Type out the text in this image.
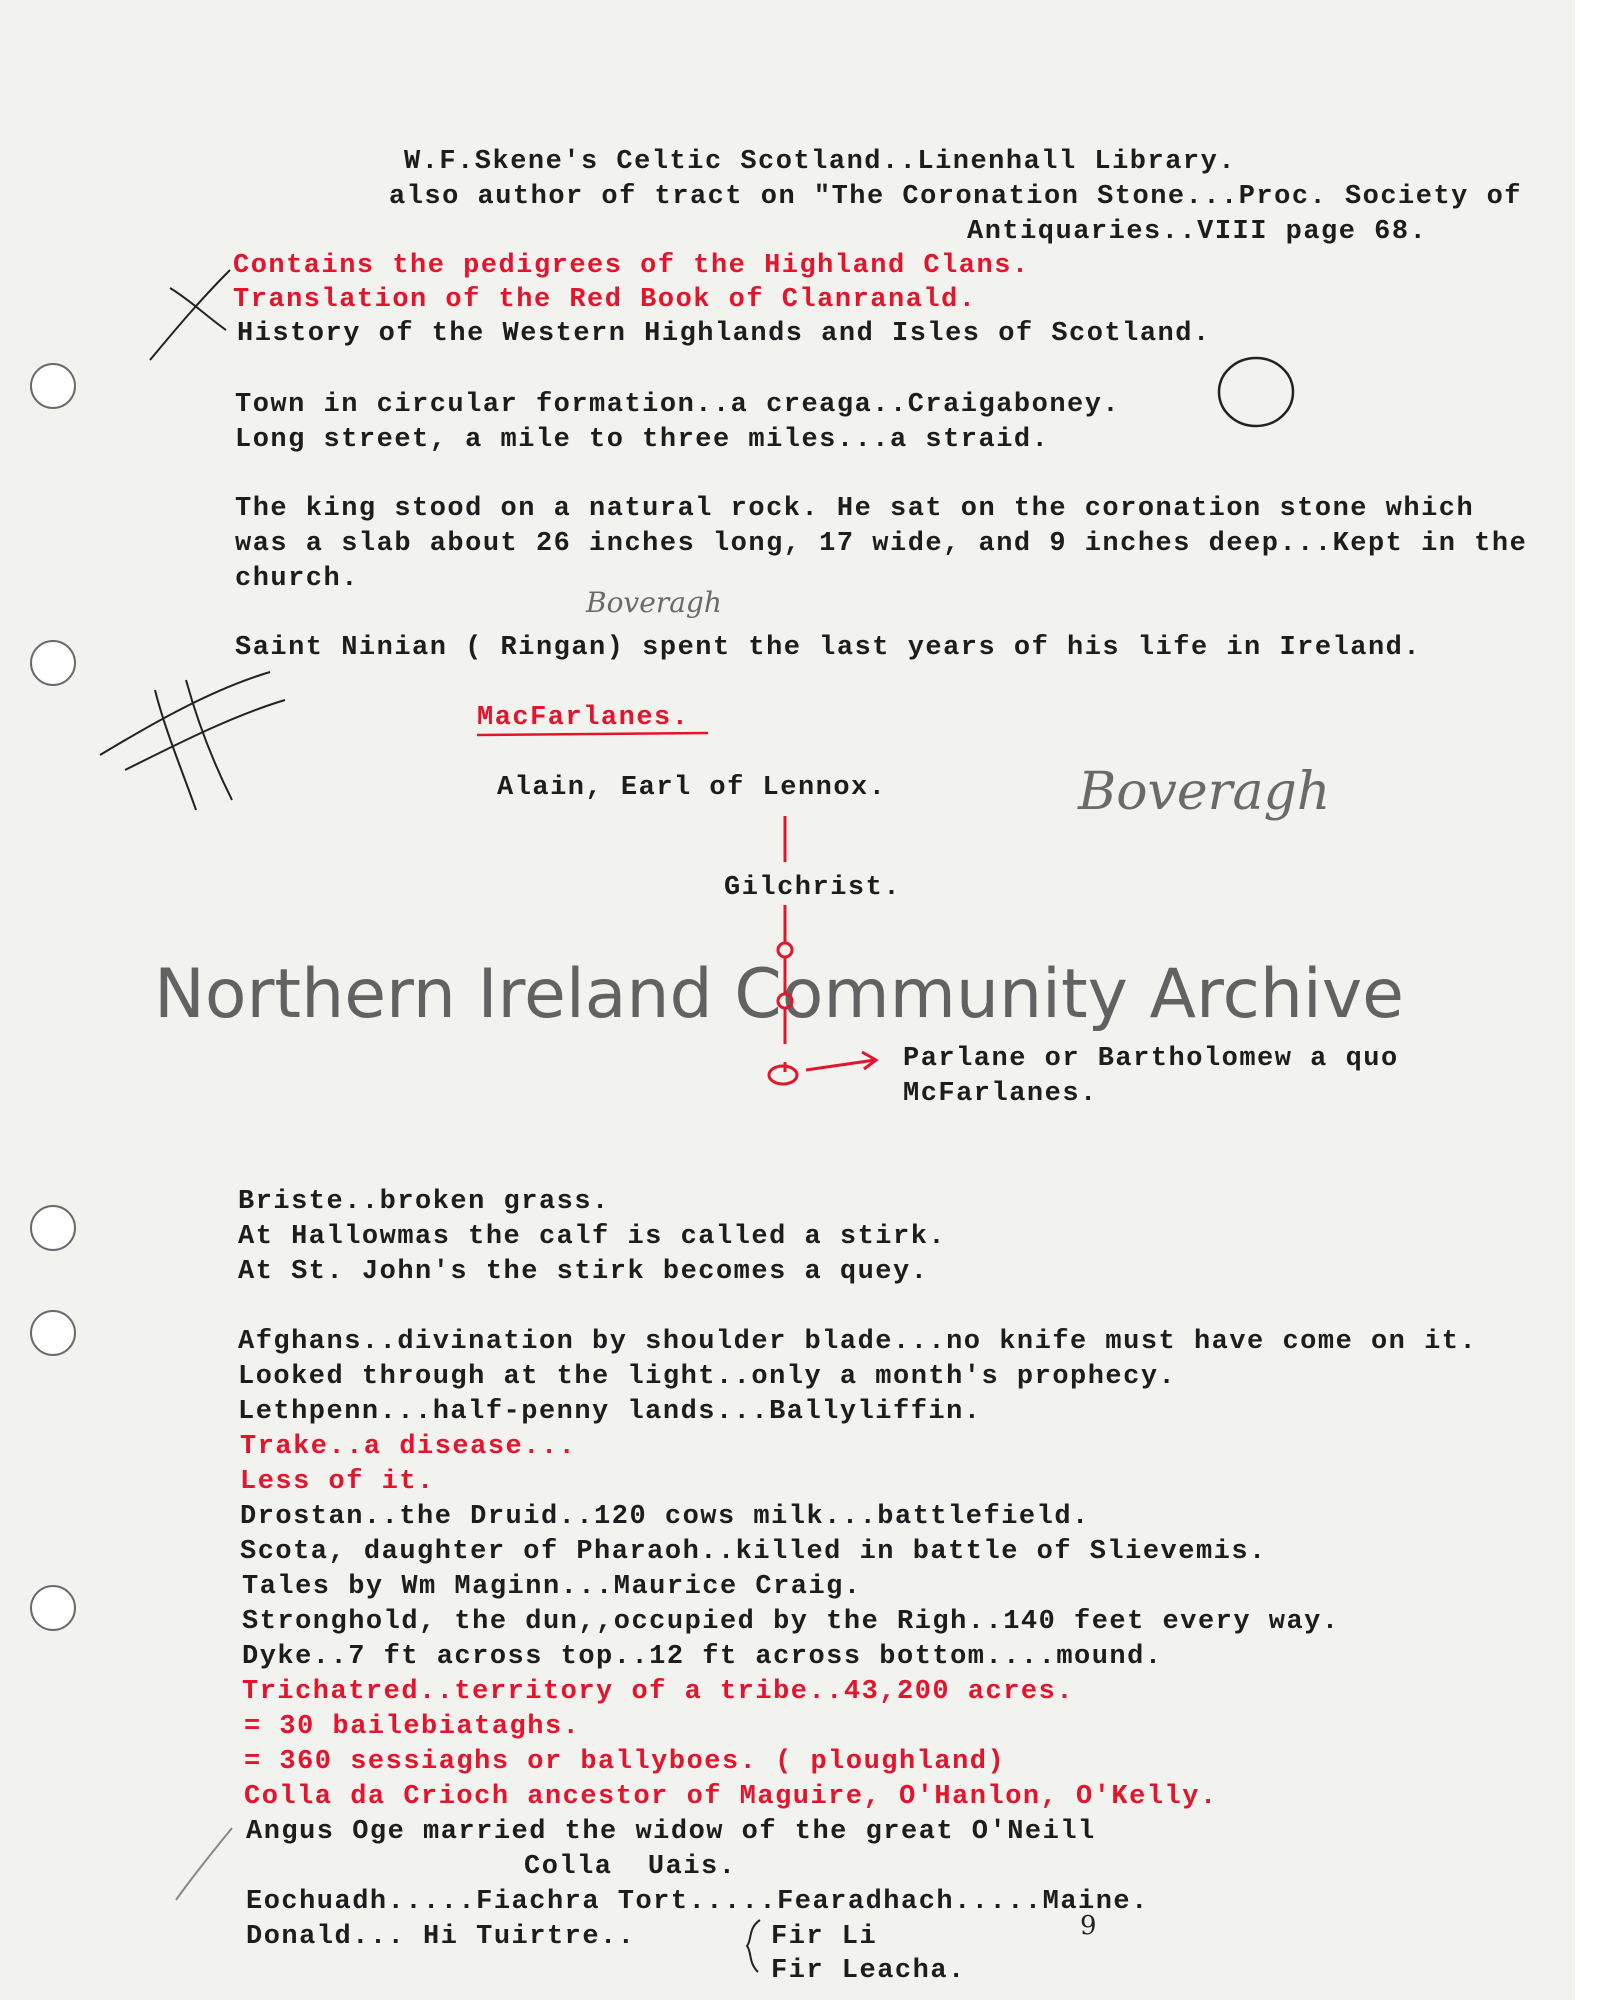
W.F.Skene's Celtic Scotland..Linenhall Library.
also author of tract on "The Coronation Stone...Proc. Society of
Antiquaries..VIII page 68.
Contains the pedigrees of the Highland Clans.
Translation of the Red Book of Clanranald.
History of the Western Highlands and Isles of Scotland.
Town in circular formation..a creaga..Craigaboney.
Long street, a mile to three miles...a straid.
The king stood on a natural rock. He sat on the coronation stone which
was a slab about 26 inches long, 17 wide, and 9 inches deep...Kept in the
church.
Boveragh
Saint Ninian ( Ringan) spent the last years of his life in Ireland.
MacFarlanes.
Alain, Earl of Lennox.	Boveragh
Gilchrist.
Parlane or Bartholomew a quo
McFarlanes.
Northern Ireland Community Archive
Briste..broken grass.
At Hallowmas the calf is called a stirk.
At St. John's the stirk becomes a quey.
Afghans..divination by shoulder blade...no knife must have come on it.
Looked through at the light..only a month's prophecy.
Lethpenn...half-penny lands...Ballyliffin.
Trake..a disease...
Less of it.
Drostan..the Druid..120 cows milk...battlefield.
Scota, daughter of Pharaoh..killed in battle of Slievemis.
Tales by Wm Maginn...Maurice Craig.
Stronghold, the dun,,occupied by the Righ..140 feet every way.
Dyke..7 ft across top..12 ft across bottom....mound.
Trichatred..territory of a tribe..43,200 acres.
= 30 bailebiataghs.
= 360 sessiaghs or ballyboes. ( ploughland)
Colla da Crioch ancestor of Maguire, O'Hanlon, O'Kelly.
Angus Oge married the widow of the great O'Neill
Colla  Uais.
Eochuadh.....Fiachra Tort.....Fearadhach.....Maine.
Donald... Hi Tuirtre..	Fir Li
Fir Leacha.
9
